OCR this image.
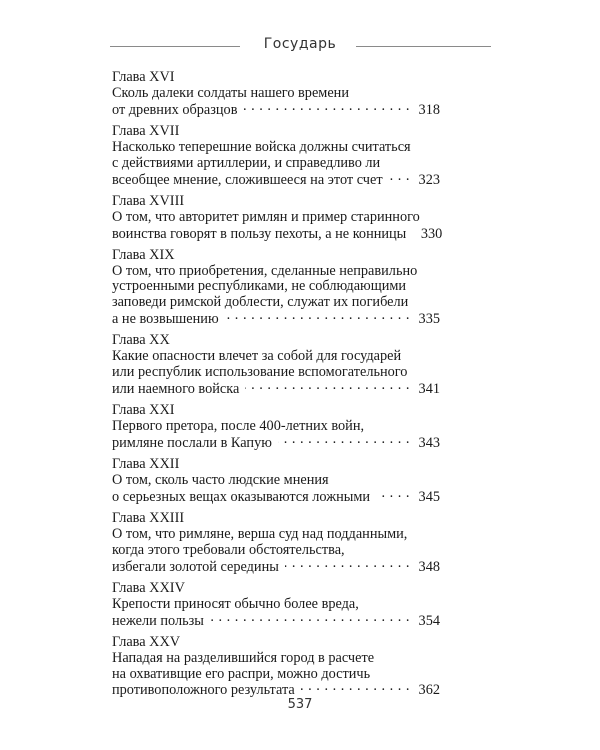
Государь
Глава XVI
Сколь далеки солдаты нашего времени
от древних образцов . . .	318
Глава XVII
Насколько теперешние войска должны считаться
с действиями артиллерии, и справедливо ли
всеобщее мнение, сложившееся на этот счет . . .	323
Глава XVIII
О том, что авторитет римлян и пример старинного
воинства говорят в пользу пехоты, а не конницы 330
Глава XIX
О том, что приобретения, сделанные неправильно
устроенными республиками, не соблюдающими
заповеди римской доблести, служат их погибели
а не возвышению . . .	335
Глава XX
Какие опасности влечет за собой для государей
или республик использование вспомогательного
или наемного войска . . .	341
Глава XXI
Первого претора, после 400-летних войн,
римляне послали в Капую . . .	343
Глава XXII
О том, сколь часто людские мнения
о серьезных вещах оказываются ложными . . .	345
Глава XXIII
О том, что римляне, верша суд над подданными,
когда этого требовали обстоятельства,
избегали золотой середины . . .	348
Глава XXIV
Крепости приносят обычно более вреда,
нежели пользы . . .	354
Глава XXV
Нападая на разделившийся город в расчете
на охвативщие его распри, можно достичь
противоположного результата . . .	362
537
